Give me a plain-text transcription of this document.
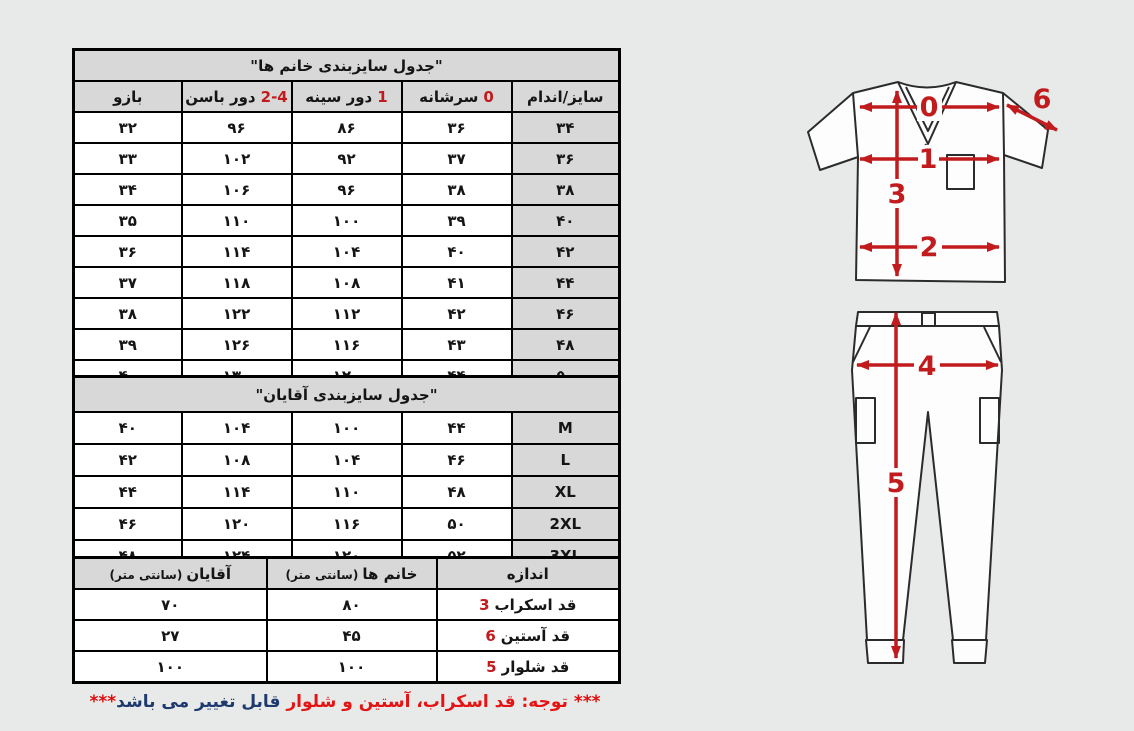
"جدول سایزبندی خانم ها"				
سایز/اندام	0سرشانه	1دور سینه	2-4دور باسن	بازو
۳۴	۳۶	۸۶	۹۶	۳۲
۳۶	۳۷	۹۲	۱۰۲	۳۳
۳۸	۳۸	۹۶	۱۰۶	۳۴
۴۰	۳۹	۱۰۰	۱۱۰	۳۵
۴۲	۴۰	۱۰۴	۱۱۴	۳۶
۴۴	۴۱	۱۰۸	۱۱۸	۳۷
۴۶	۴۲	۱۱۲	۱۲۲	۳۸
۴۸	۴۳	۱۱۶	۱۲۶	۳۹

"جدول سایزبندی آقایان"				
M	۴۴	۱۰۰	۱۰۴	۴۰
L	۴۶	۱۰۴	۱۰۸	۴۲
XL	۴۸	۱۱۰	۱۱۴	۴۴
2XL	۵۰	۱۱۶	۱۲۰	۴۶

اندازه	خانم ها(سانتی متر)	آقایان(سانتی متر)
قد اسکراب3	۸۰	۷۰
قد آستین6	۴۵	۲۷
قد شلوار5	۱۰۰	۱۰۰
*** توجه: قد اسکراب، آستین و شلوار قابل تغییر می باشد***
0	6
1
3
2
4
5
